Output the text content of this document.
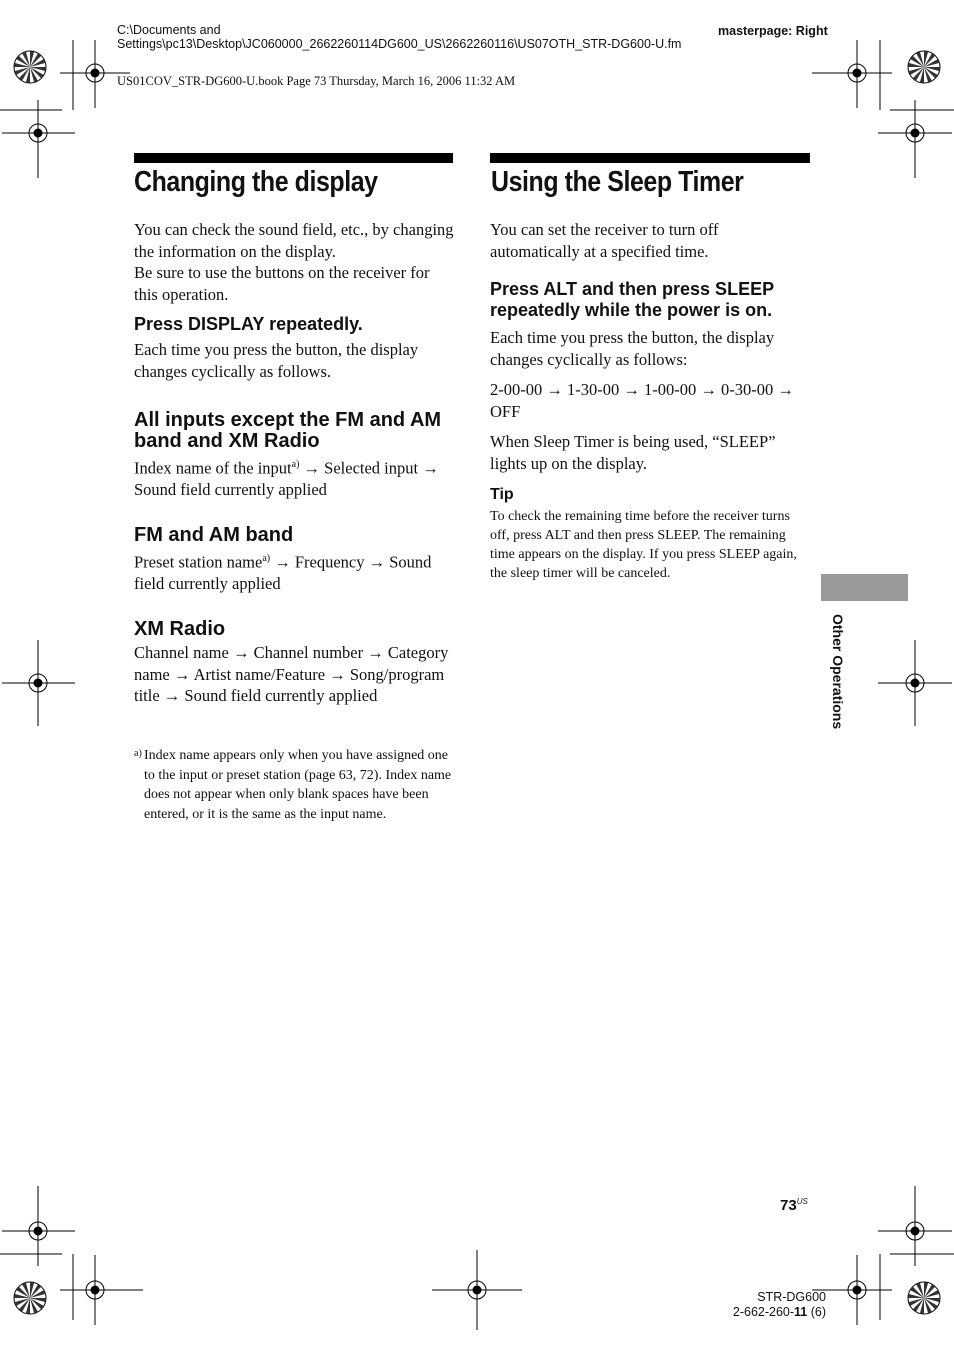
C:\Documents and Settings\pc13\Desktop\JC060000_2662260114DG600_US\2662260116\US07OTH_STR-DG600-U.fm
masterpage: Right
US01COV_STR-DG600-U.book Page 73 Thursday, March 16, 2006 11:32 AM
Changing the display
You can check the sound field, etc., by changing the information on the display.
Be sure to use the buttons on the receiver for this operation.
Press DISPLAY repeatedly.
Each time you press the button, the display changes cyclically as follows.
All inputs except the FM and AM band and XM Radio
Index name of the input$^{a)}$ → Selected input → Sound field currently applied
FM and AM band
Preset station name$^{a)}$ → Frequency → Sound field currently applied
XM Radio
Channel name → Channel number → Category name → Artist name/Feature → Song/program title → Sound field currently applied
a) Index name appears only when you have assigned one to the input or preset station (page 63, 72). Index name does not appear when only blank spaces have been entered, or it is the same as the input name.
Using the Sleep Timer
You can set the receiver to turn off automatically at a specified time.
Press ALT and then press SLEEP repeatedly while the power is on.
Each time you press the button, the display changes cyclically as follows:
2-00-00 → 1-30-00 → 1-00-00 → 0-30-00 → OFF
When Sleep Timer is being used, “SLEEP” lights up on the display.
Tip
To check the remaining time before the receiver turns off, press ALT and then press SLEEP. The remaining time appears on the display. If you press SLEEP again, the sleep timer will be canceled.
Other Operations
$73^{US}$
STR-DG600
2-662-260-11 (6)
